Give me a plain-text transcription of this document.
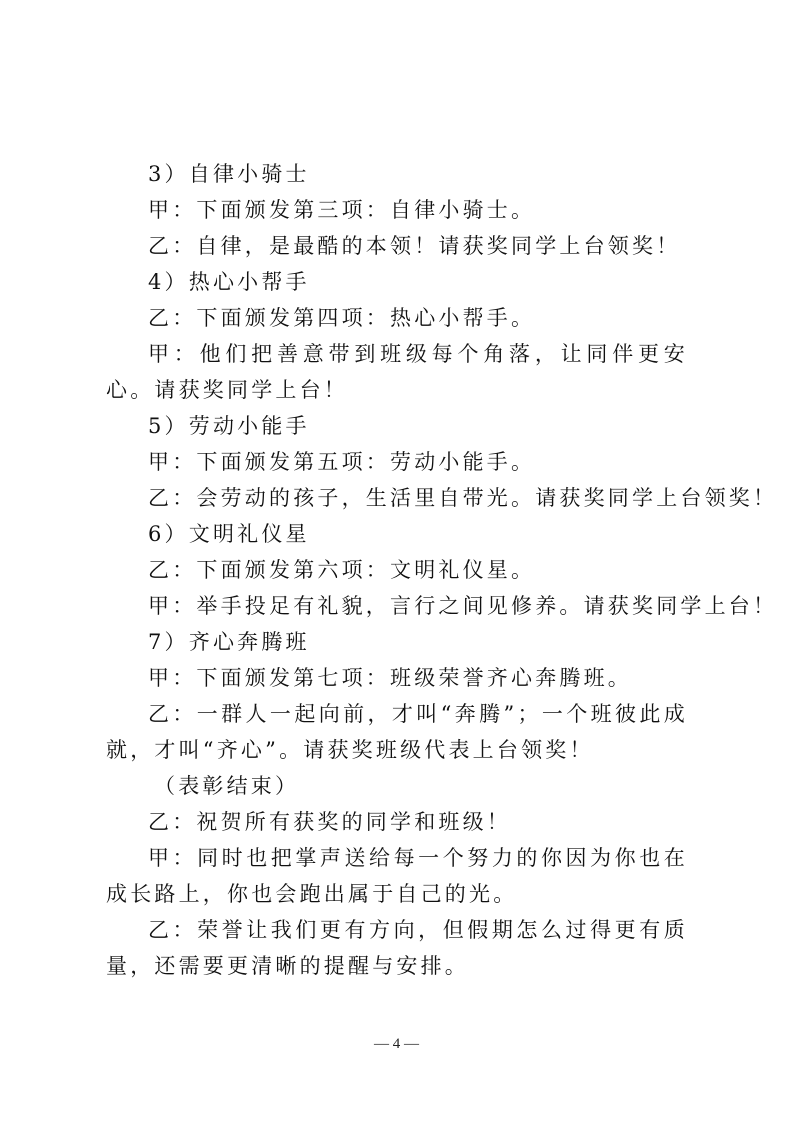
3）自律小骑士
甲：下面颁发第三项：自律小骑士。
乙：自律，是最酷的本领！请获奖同学上台领奖！
4）热心小帮手
乙：下面颁发第四项：热心小帮手。
甲：他们把善意带到班级每个角落，让同伴更安心。请获奖同学上台！
5）劳动小能手
甲：下面颁发第五项：劳动小能手。
乙：会劳动的孩子，生活里自带光。请获奖同学上台领奖！
6）文明礼仪星
乙：下面颁发第六项：文明礼仪星。
甲：举手投足有礼貌，言行之间见修养。请获奖同学上台！
7）齐心奔腾班
甲：下面颁发第七项：班级荣誉齐心奔腾班。
乙：一群人一起向前，才叫“奔腾”；一个班彼此成就，才叫“齐心”。请获奖班级代表上台领奖！
（表彰结束）
乙：祝贺所有获奖的同学和班级！
甲：同时也把掌声送给每一个努力的你因为你也在成长路上，你也会跑出属于自己的光。
乙：荣誉让我们更有方向，但假期怎么过得更有质量，还需要更清晰的提醒与安排。
— 4 —
